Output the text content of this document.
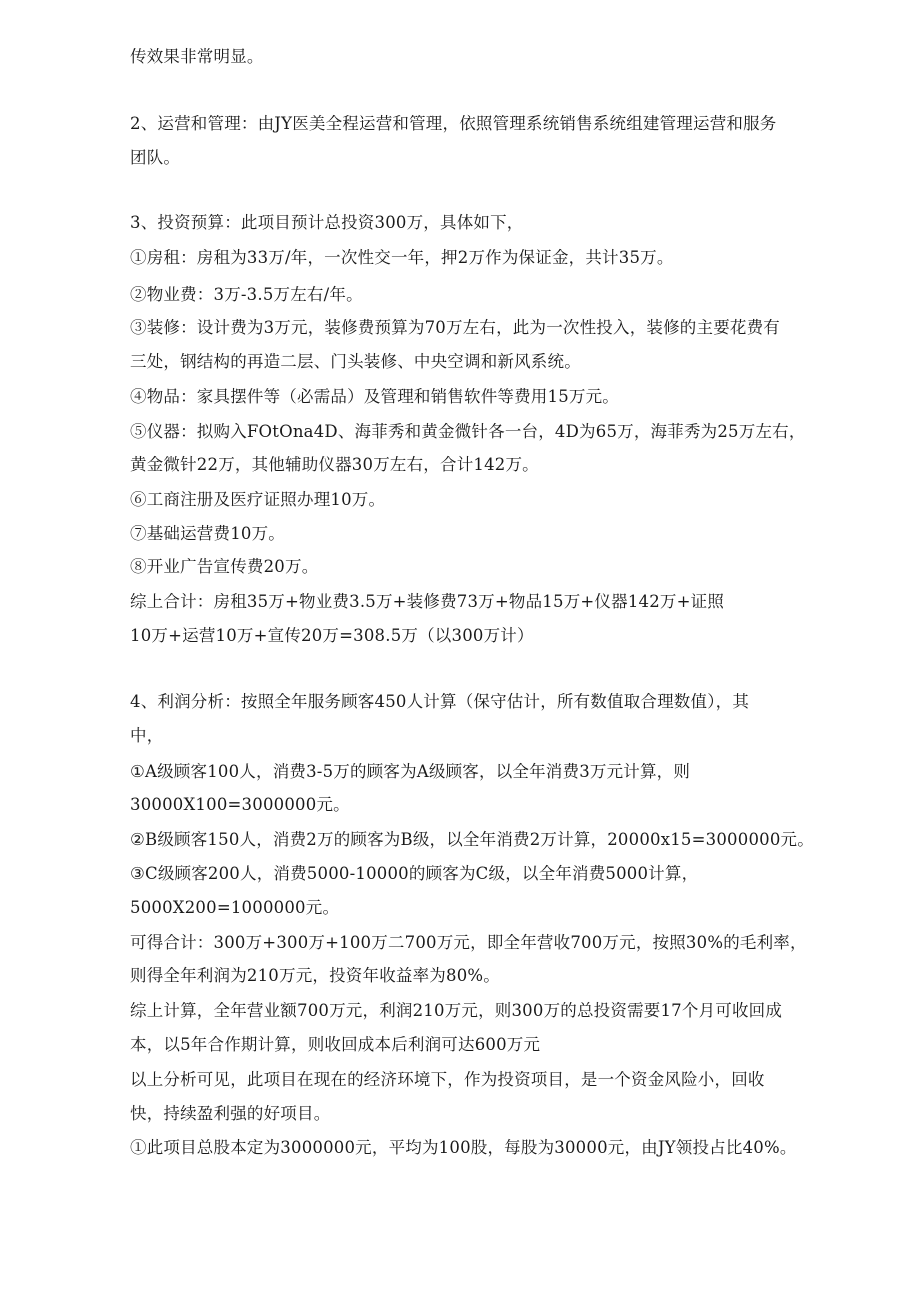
传效果非常明显。
2、运营和管理：由JY医美全程运营和管理，依照管理系统销售系统组建管理运营和服务
团队。
3、投资预算：此项目预计总投资300万，具体如下，
①房租：房租为33万/年，一次性交一年，押2万作为保证金，共计35万。
②物业费：3万-3.5万左右/年。
③装修：设计费为3万元，装修费预算为70万左右，此为一次性投入，装修的主要花费有
三处，钢结构的再造二层、门头装修、中央空调和新风系统。
④物品：家具摆件等（必需品）及管理和销售软件等费用15万元。
⑤仪器：拟购入FOtOna4D、海菲秀和黄金微针各一台，4D为65万，海菲秀为25万左右，
黄金微针22万，其他辅助仪器30万左右，合计142万。
⑥工商注册及医疗证照办理10万。
⑦基础运营费10万。
⑧开业广告宣传费20万。
综上合计：房租35万+物业费3.5万+装修费73万+物品15万+仪器142万+证照
10万+运营10万+宣传20万=308.5万（以300万计）
4、利润分析：按照全年服务顾客450人计算（保守估计，所有数值取合理数值），其
中，
①A级顾客100人，消费3-5万的顾客为A级顾客，以全年消费3万元计算，则
30000X100=3000000元。
②B级顾客150人，消费2万的顾客为B级，以全年消费2万计算，20000x15=3000000元。
③C级顾客200人，消费5000-10000的顾客为C级，以全年消费5000计算，
5000X200=1000000元。
可得合计：300万+300万+100万二700万元，即全年营收700万元，按照30%的毛利率，
则得全年利润为210万元，投资年收益率为80%。
综上计算，全年营业额700万元，利润210万元，则300万的总投资需要17个月可收回成
本，以5年合作期计算，则收回成本后利润可达600万元
以上分析可见，此项目在现在的经济环境下，作为投资项目，是一个资金风险小，回收
快，持续盈利强的好项目。
①此项目总股本定为3000000元，平均为100股，每股为30000元，由JY领投占比40%。
